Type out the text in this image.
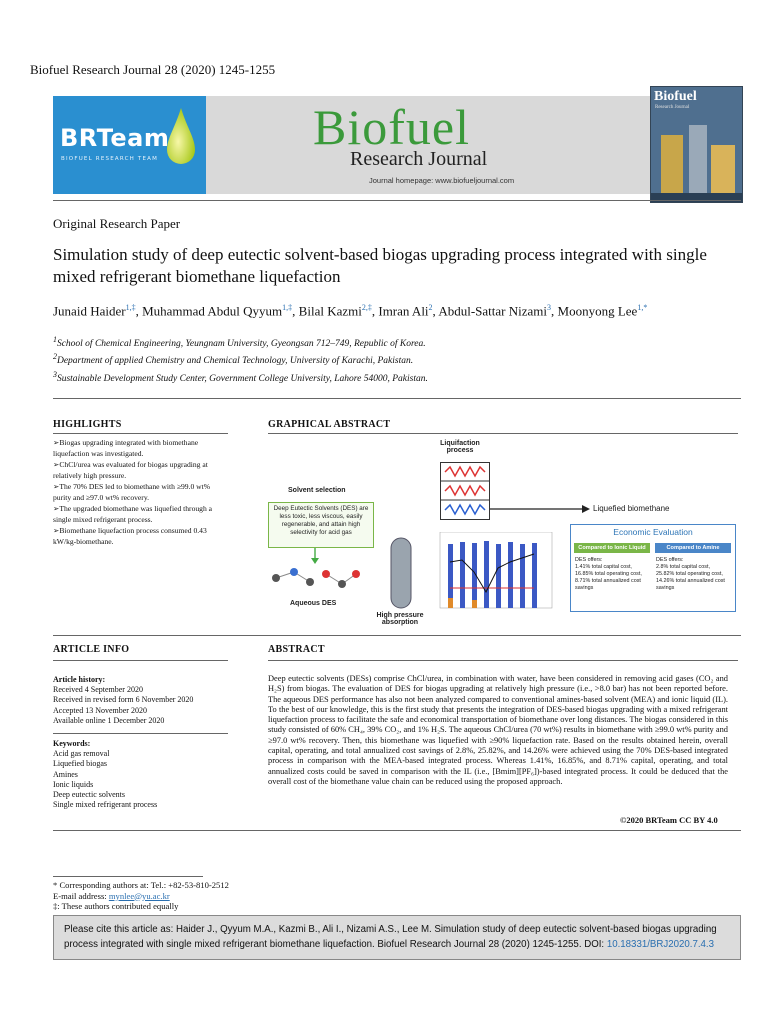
Biofuel Research Journal 28 (2020) 1245-1255
BRTeam
BIOFUEL RESEARCH TEAM
Biofuel
Research Journal
Journal homepage: www.biofueljournal.com
Biofuel
Research Journal
Original Research Paper
Simulation study of deep eutectic solvent-based biogas upgrading process integrated with single mixed refrigerant biomethane liquefaction
Junaid Haider$^{1,\ddagger}$, Muhammad Abdul Qyyum$^{1,\ddagger}$, Bilal Kazmi$^{2,\ddagger}$, Imran Ali$^2$, Abdul-Sattar Nizami$^3$, Moonyong Lee$^{1,*}$
$^1$School of Chemical Engineering, Yeungnam University, Gyeongsan 712–749, Republic of Korea.
$^2$Department of applied Chemistry and Chemical Technology, University of Karachi, Pakistan.
$^3$Sustainable Development Study Center, Government College University, Lahore 54000, Pakistan.
HIGHLIGHTS

➢Biogas upgrading integrated with biomethane liquefaction was investigated.

➢ChCl/urea was evaluated for biogas upgrading at relatively high pressure.

➢The 70% DES led to biomethane with ≥99.0 wt% purity and ≥97.0 wt% recovery.

➢The upgraded biomethane was liquefied through a single mixed refrigerant process.

➢Biomethane liquefaction process consumed 0.43 kW/kg-biomethane.

GRAPHICAL ABSTRACT
Liquifaction
process
Liquefied biomethane
Solvent selection
Deep Eutectic Solvents (DES) are less toxic, less viscous, easily regenerable, and attain high selectivity for acid gas
Aqueous DES
High pressure absorption
Economic Evaluation
Compared to Ionic Liquid	Compared to Amine
DES offers:
1.41% total capital cost,
16.85% total operating cost,
8.71% total annualized cost savings
DES offers:
2.8% total capital cost,
25.82% total operating cost,
14.26% total annualized cost savings
ARTICLE INFO
Article history:
Received 4 September 2020
Received in revised form 6 November 2020
Accepted 13 November 2020
Available online 1 December 2020
Keywords:
Acid gas removal
Liquefied biogas
Amines
Ionic liquids
Deep eutectic solvents
Single mixed refrigerant process
ABSTRACT
Deep eutectic solvents (DESs) comprise ChCl/urea, in combination with water, have been considered in removing acid gases (CO₂ and H₂S) from biogas. The evaluation of DES for biogas upgrading at relatively high pressure (i.e., >8.0 bar) has not been reported before. The aqueous DES performance has also not been analyzed compared to conventional amines-based solvent (MEA) and ionic liquid (IL). To the best of our knowledge, this is the first study that presents the integration of DES-based biogas upgrading with a mixed refrigerant liquefaction process to facilitate the safe and economical transportation of biomethane over long distances. The biogas considered in this study consisted of 60% CH₄, 39% CO₂, and 1% H₂S. The aqueous ChCl/urea (70 wt%) results in biomethane with ≥99.0 wt% purity and ≥97.0 wt% recovery. Then, this biomethane was liquefied with ≥90% liquefaction rate. Based on the results obtained herein, overall capital, operating, and total annualized cost savings of 2.8%, 25.82%, and 14.26% were achieved using the 70% DES-based integrated process in comparison with the MEA-based integrated process. Whereas 1.41%, 16.85%, and 8.71% capital, operating, and total annualized costs could be saved in comparison with the IL (i.e., [Bmim][PF₆])-based integrated process. It could be deduced that the overall cost of the biomethane value chain can be reduced using the proposed approach.
©2020 BRTeam CC BY 4.0
* Corresponding authors at: Tel.: +82-53-810-2512
E-mail address: mynlee@yu.ac.kr
‡: These authors contributed equally
Please cite this article as: Haider J., Qyyum M.A., Kazmi B., Ali I., Nizami A.S., Lee M. Simulation study of deep eutectic solvent-based biogas upgrading process integrated with single mixed refrigerant biomethane liquefaction. Biofuel Research Journal 28 (2020) 1245-1255. DOI: 10.18331/BRJ2020.7.4.3
